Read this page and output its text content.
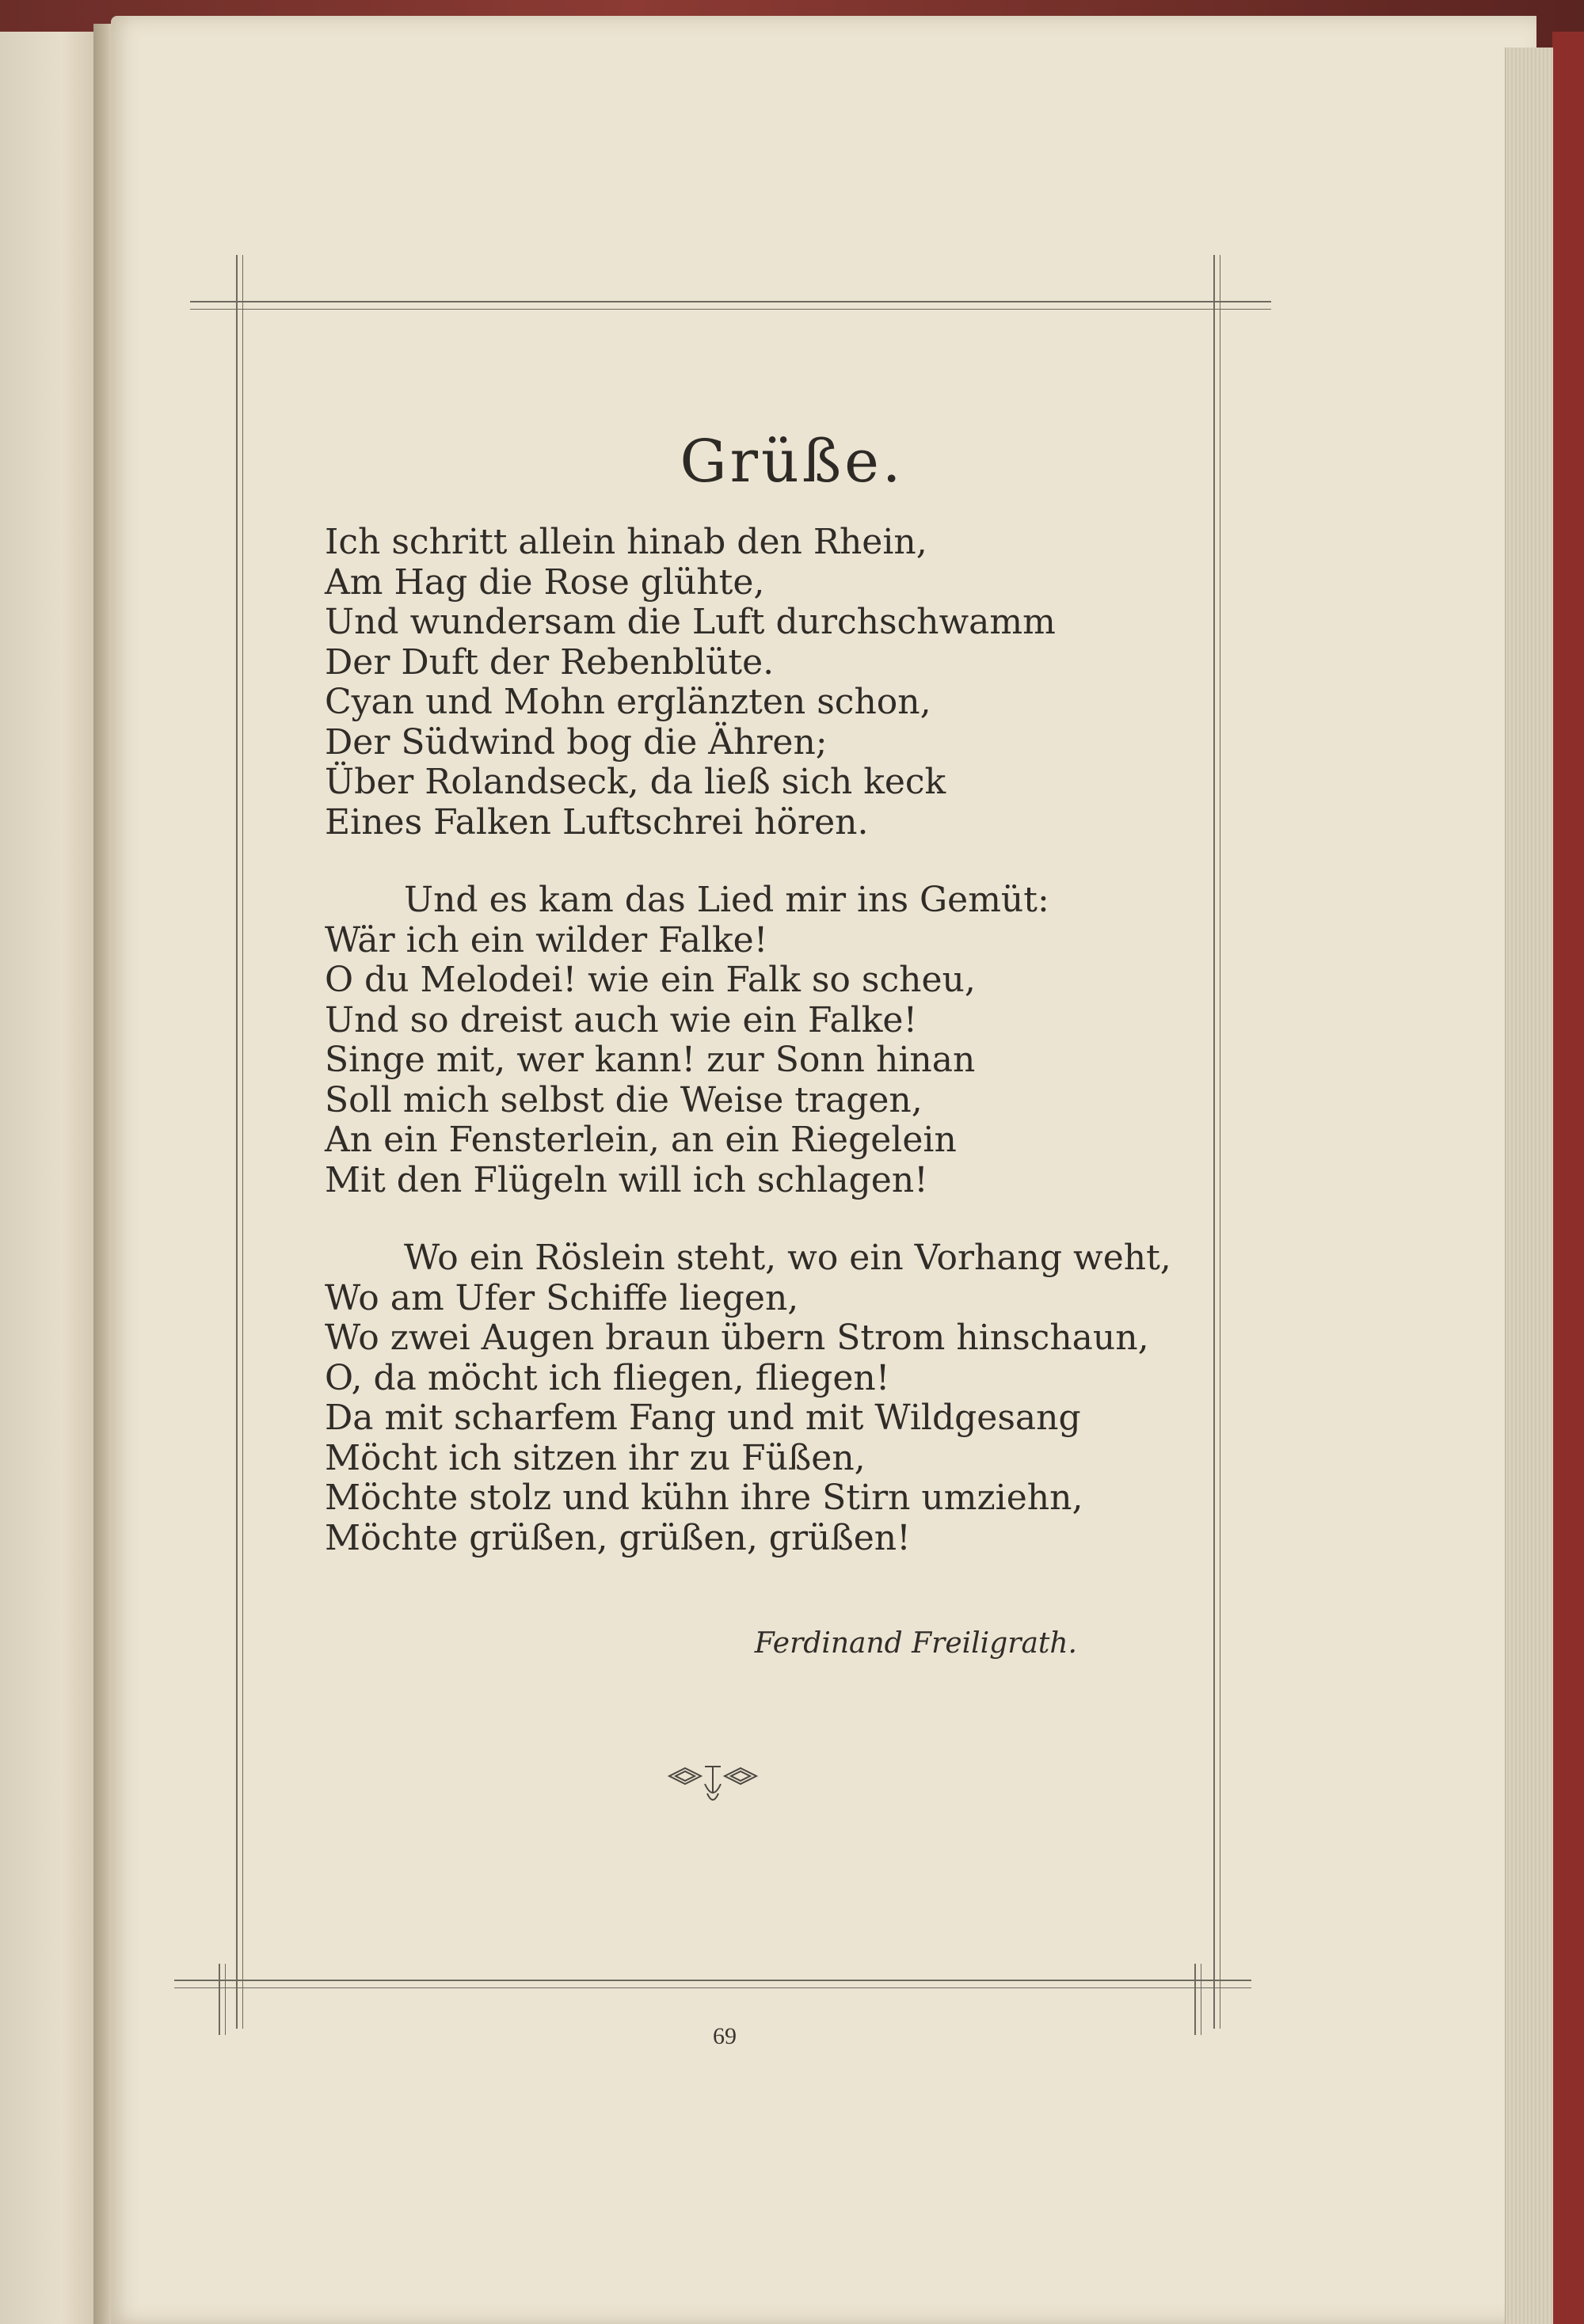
Grüße.
Ich schritt allein hinab den Rhein,
Am Hag die Rose glühte,
Und wundersam die Luft durchschwamm
Der Duft der Rebenblüte.
Cyan und Mohn erglänzten schon,
Der Südwind bog die Ähren;
Über Rolandseck, da ließ sich keck
Eines Falken Luftschrei hören.
Und es kam das Lied mir ins Gemüt:
Wär ich ein wilder Falke!
O du Melodei! wie ein Falk so scheu,
Und so dreist auch wie ein Falke!
Singe mit, wer kann! zur Sonn hinan
Soll mich selbst die Weise tragen,
An ein Fensterlein, an ein Riegelein
Mit den Flügeln will ich schlagen!
Wo ein Röslein steht, wo ein Vorhang weht,
Wo am Ufer Schiffe liegen,
Wo zwei Augen braun übern Strom hinschaun,
O, da möcht ich fliegen, fliegen!
Da mit scharfem Fang und mit Wildgesang
Möcht ich sitzen ihr zu Füßen,
Möchte stolz und kühn ihre Stirn umziehn,
Möchte grüßen, grüßen, grüßen!
Ferdinand Freiligrath.
69
